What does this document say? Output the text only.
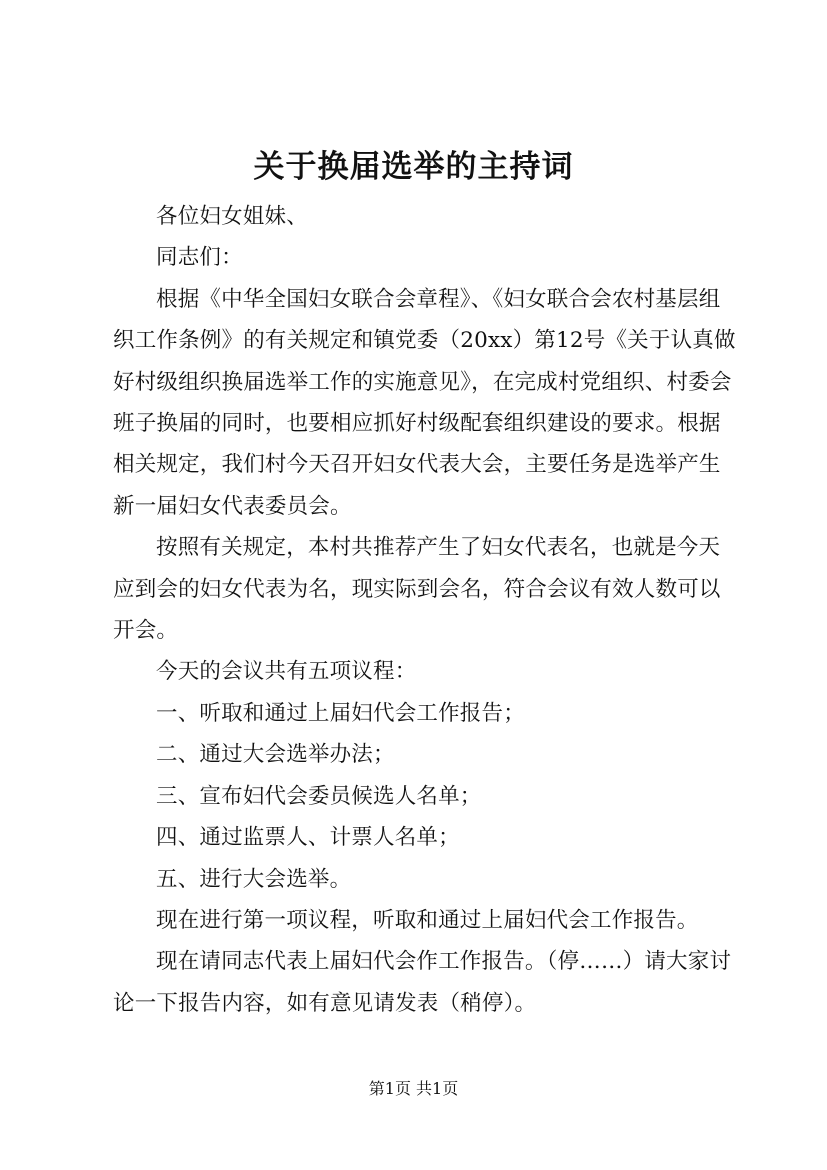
关于换届选举的主持词

各位妇女姐妹、

同志们：

根据《中华全国妇女联合会章程》、《妇女联合会农村基层组织工作条例》的有关规定和镇党委（20xx）第12号《关于认真做好村级组织换届选举工作的实施意见》，在完成村党组织、村委会班子换届的同时，也要相应抓好村级配套组织建设的要求。根据相关规定，我们村今天召开妇女代表大会，主要任务是选举产生新一届妇女代表委员会。

按照有关规定，本村共推荐产生了妇女代表名，也就是今天应到会的妇女代表为名，现实际到会名，符合会议有效人数可以开会。

今天的会议共有五项议程：

一、听取和通过上届妇代会工作报告；

二、通过大会选举办法；

三、宣布妇代会委员候选人名单；

四、通过监票人、计票人名单；

五、进行大会选举。

现在进行第一项议程，听取和通过上届妇代会工作报告。

现在请同志代表上届妇代会作工作报告。（停……）请大家讨论一下报告内容，如有意见请发表（稍停）。

第1页 共1页
